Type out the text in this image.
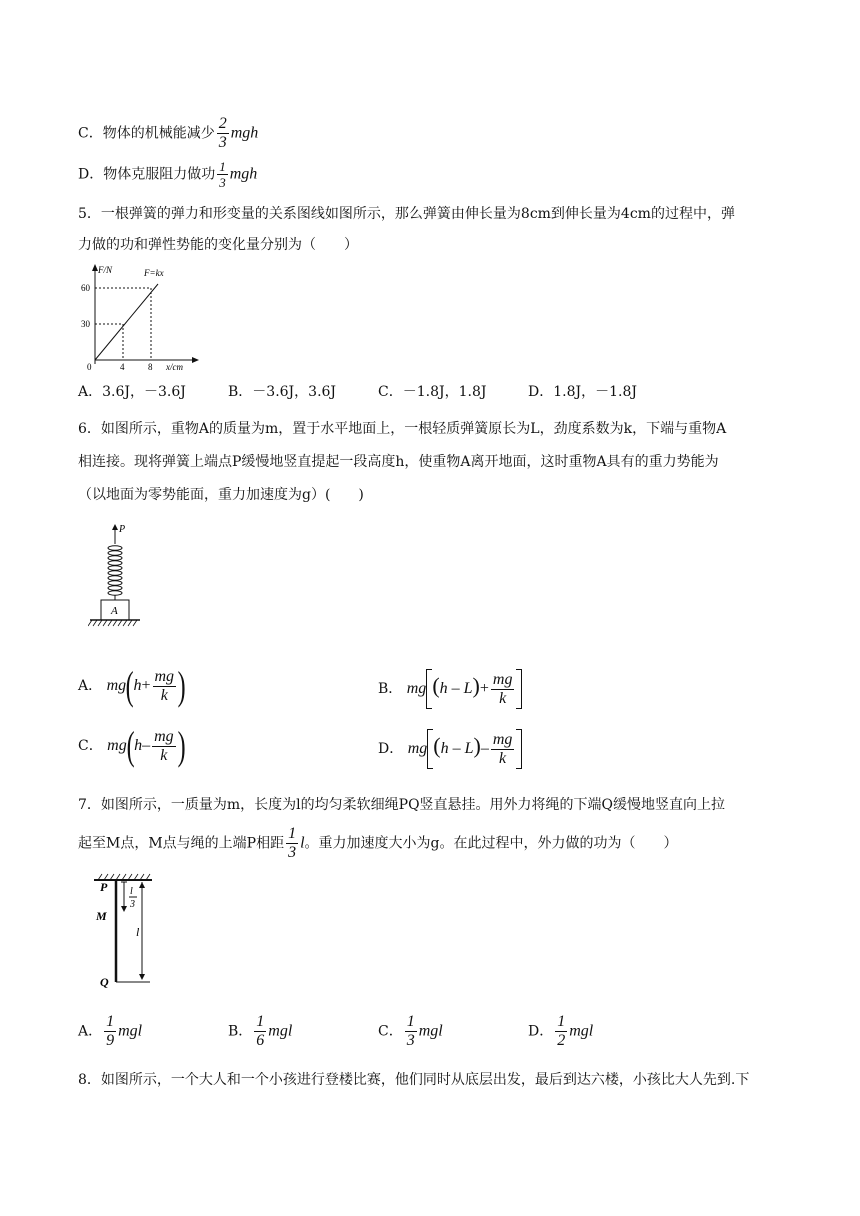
C．物体的机械能减少 $\frac{2}{3}$ mgh
D．物体克服阻力做功 $\frac{1}{3}$ mgh
5．一根弹簧的弹力和形变量的关系图线如图所示，那么弹簧由伸长量为8cm到伸长量为4cm的过程中，弹
力做的功和弹性势能的变化量分别为（　　）
F/N	F=kx
60
30
0	4	8 x/cm
A．3.6J，－3.6J	B．－3.6J，3.6J	C．－1.8J，1.8J	D．1.8J，－1.8J
6．如图所示，重物A的质量为m，置于水平地面上，一根轻质弹簧原长为L，劲度系数为k，下端与重物A
相连接。现将弹簧上端点P缓慢地竖直提起一段高度h，使重物A离开地面，这时重物A具有的重力势能为
（以地面为零势能面，重力加速度为g）(　　)
P
A
A． $mg(h+ \frac{mg}{k}$ )	B． mg $(h - L)+ \frac{mg}{k}$
C． $mg(h- \frac{mg}{k}$ )	D． mg $(h - L)- \frac{mg}{k}$
7．如图所示，一质量为m，长度为l的均匀柔软细绳PQ竖直悬挂。用外力将绳的下端Q缓慢地竖直向上拉
起至M点，M点与绳的上端P相距 $\frac{1}{3}$ l。重力加速度大小为g。在此过程中，外力做的功为（　　）
P
M
Q
l
3
l
A． $\frac{1}{9}$ mgl	B． $\frac{1}{6}$ mgl	C． $\frac{1}{3}$ mgl	D． $\frac{1}{2}$ mgl
8．如图所示，一个大人和一个小孩进行登楼比赛，他们同时从底层出发，最后到达六楼，小孩比大人先到.下
